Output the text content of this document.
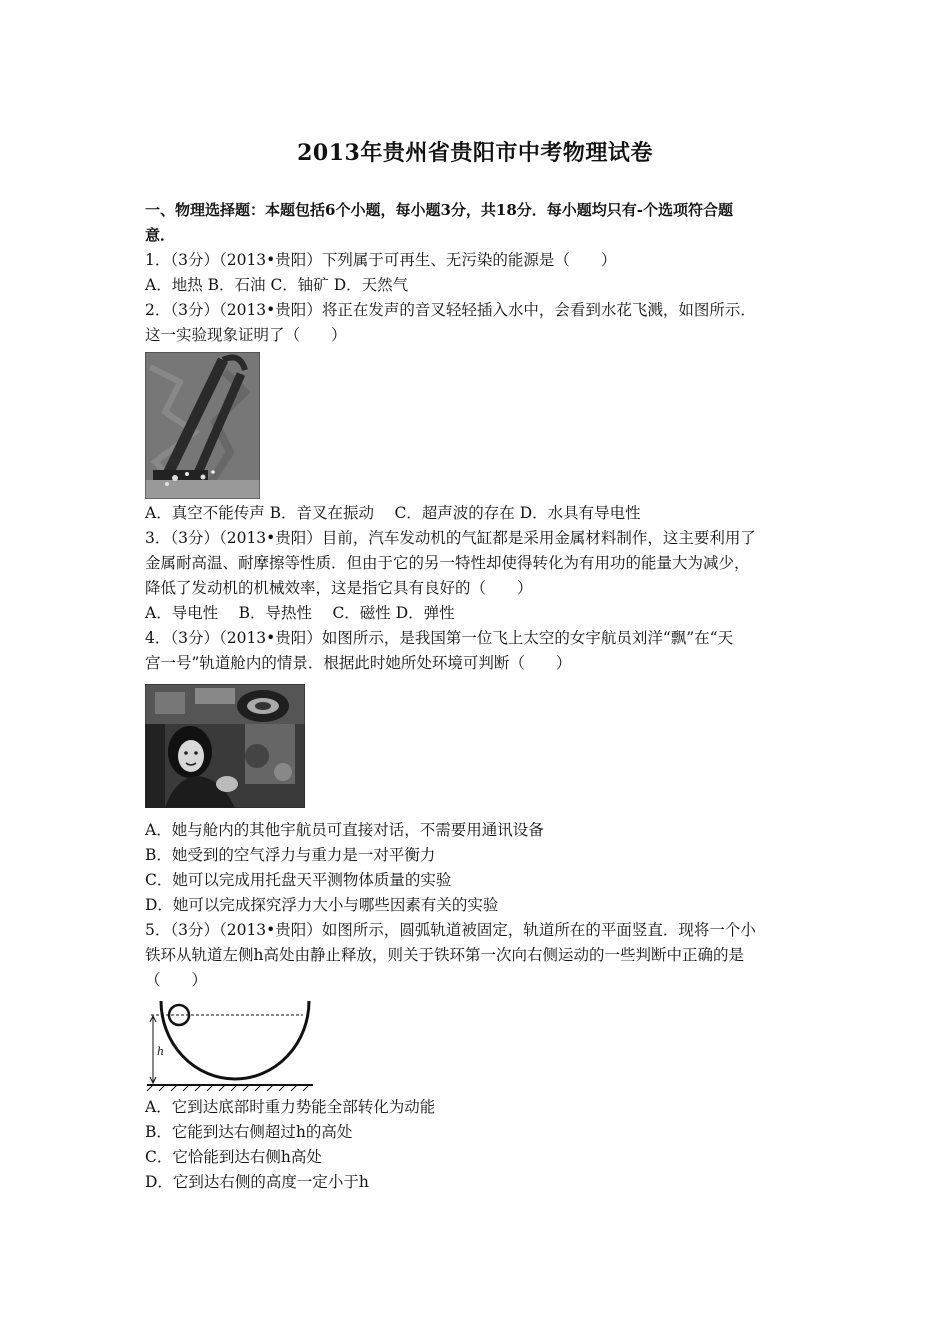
2013年贵州省贵阳市中考物理试卷
一、物理选择题：本题包括6个小题，每小题3分，共18分．每小题均只有-个选项符合题
意．
1．（3分）（2013•贵阳）下列属于可再生、无污染的能源是（　　）
A．地热 B．石油 C．铀矿 D．天然气
2．（3分）（2013•贵阳）将正在发声的音叉轻轻插入水中，会看到水花飞溅，如图所示．
这一实验现象证明了（　　）
A．真空不能传声 B．音叉在振动　 C．超声波的存在 D．水具有导电性
3．（3分）（2013•贵阳）目前，汽车发动机的气缸都是采用金属材料制作，这主要利用了
金属耐高温、耐摩擦等性质．但由于它的另一特性却使得转化为有用功的能量大为减少，
降低了发动机的机械效率，这是指它具有良好的（　　）
A．导电性　 B．导热性　 C．磁性 D．弹性
4．（3分）（2013•贵阳）如图所示，是我国第一位飞上太空的女宇航员刘洋“飘”在“天
宫一号”轨道舱内的情景．根据此时她所处环境可判断（　　）
A．她与舱内的其他宇航员可直接对话，不需要用通讯设备
B．她受到的空气浮力与重力是一对平衡力
C．她可以完成用托盘天平测物体质量的实验
D．她可以完成探究浮力大小与哪些因素有关的实验
5．（3分）（2013•贵阳）如图所示，圆弧轨道被固定，轨道所在的平面竖直．现将一个小
铁环从轨道左侧h高处由静止释放，则关于铁环第一次向右侧运动的一些判断中正确的是
（　　）
h
A．它到达底部时重力势能全部转化为动能
B．它能到达右侧超过h的高处
C．它恰能到达右侧h高处
D．它到达右侧的高度一定小于h
